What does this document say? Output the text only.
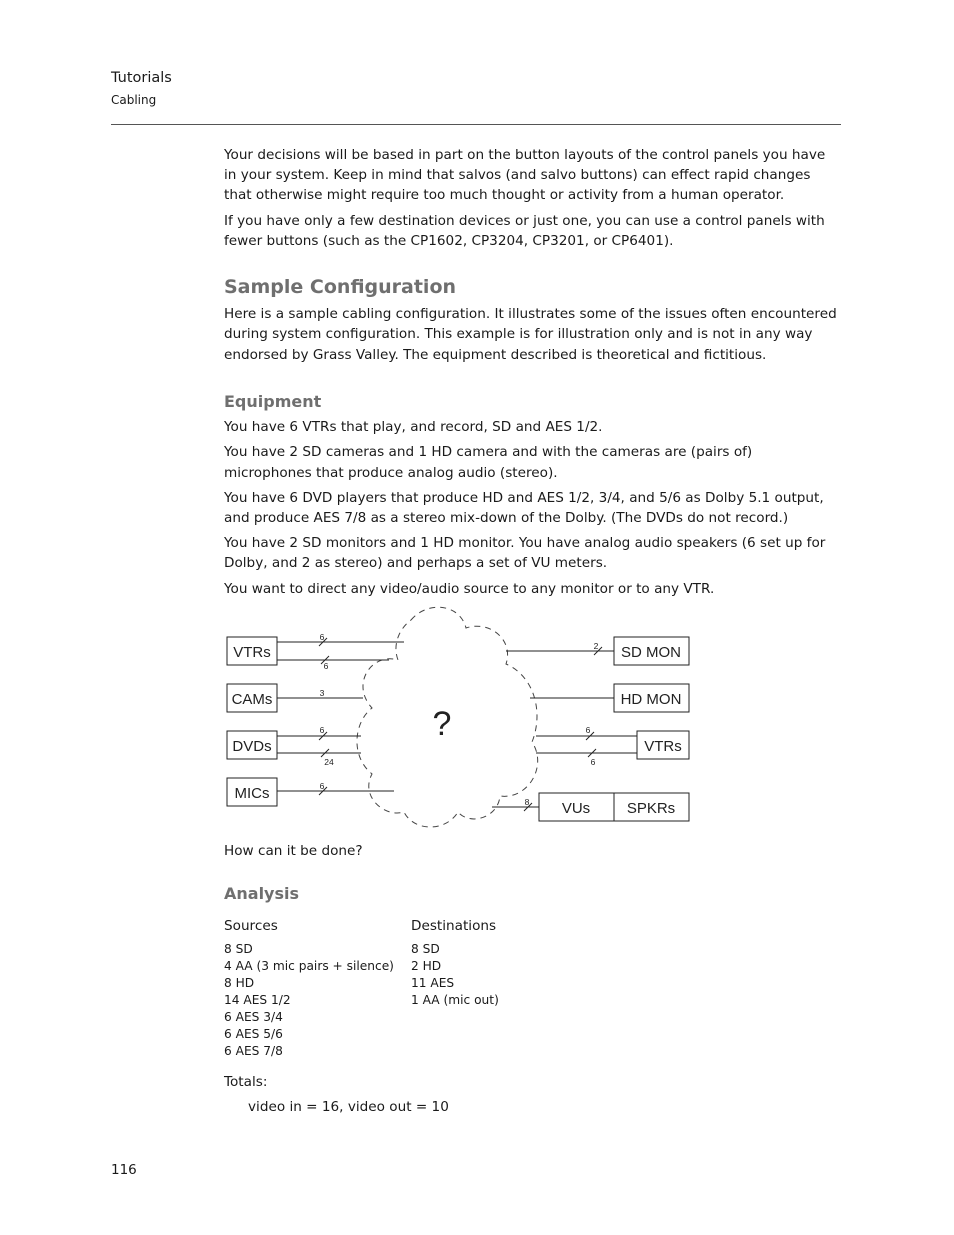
Tutorials
Cabling

Your decisions will be based in part on the button layouts of the control panels you have in your system. Keep in mind that salvos (and salvo buttons) can effect rapid changes that otherwise might require too much thought or activity from a human operator.

If you have only a few destination devices or just one, you can use a control panels with fewer buttons (such as the CP1602, CP3204, CP3201, or CP6401).

Sample Configuration

Here is a sample cabling configuration. It illustrates some of the issues often encountered during system configuration. This example is for illustration only and is not in any way endorsed by Grass Valley. The equipment described is theoretical and fictitious.

Equipment

You have 6 VTRs that play, and record, SD and AES 1/2.

You have 2 SD cameras and 1 HD camera and with the cameras are (pairs of) microphones that produce analog audio (stereo).

You have 6 DVD players that produce HD and AES 1/2, 3/4, and 5/6 as Dolby 5.1 output, and produce AES 7/8 as a stereo mix-down of the Dolby. (The DVDs do not record.)

You have 2 SD monitors and 1 HD monitor. You have analog audio speakers (6 set up for Dolby, and 2 as stereo) and perhaps a set of VU meters.

You want to direct any video/audio source to any monitor or to any VTR.

?
VTRs
CAMs
DVDs
MICs
6
6
3
6
24
6
SD MON
HD MON
VTRs
VUs SPKRs
2
6
6
8

How can it be done?

Analysis
Sources	Destinations
8 SD
4 AA (3 mic pairs + silence)
8 HD
14 AES 1/2
6 AES 3/4
6 AES 5/6
6 AES 7/8
8 SD
2 HD
11 AES
1 AA (mic out)
Totals:
video in = 16, video out = 10
116
